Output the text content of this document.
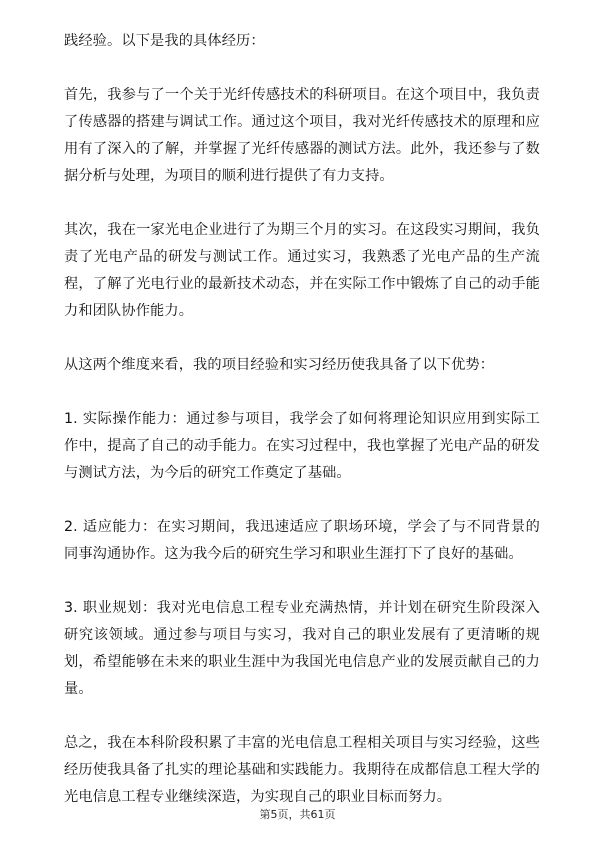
践经验。以下是我的具体经历：

首先，我参与了一个关于光纤传感技术的科研项目。在这个项目中，我负责了传感器的搭建与调试工作。通过这个项目，我对光纤传感技术的原理和应用有了深入的了解，并掌握了光纤传感器的测试方法。此外，我还参与了数据分析与处理，为项目的顺利进行提供了有力支持。

其次，我在一家光电企业进行了为期三个月的实习。在这段实习期间，我负责了光电产品的研发与测试工作。通过实习，我熟悉了光电产品的生产流程，了解了光电行业的最新技术动态，并在实际工作中锻炼了自己的动手能力和团队协作能力。

从这两个维度来看，我的项目经验和实习经历使我具备了以下优势：

1. 实际操作能力：通过参与项目，我学会了如何将理论知识应用到实际工作中，提高了自己的动手能力。在实习过程中，我也掌握了光电产品的研发与测试方法，为今后的研究工作奠定了基础。

2. 适应能力：在实习期间，我迅速适应了职场环境，学会了与不同背景的同事沟通协作。这为我今后的研究生学习和职业生涯打下了良好的基础。

3. 职业规划：我对光电信息工程专业充满热情，并计划在研究生阶段深入研究该领域。通过参与项目与实习，我对自己的职业发展有了更清晰的规划，希望能够在未来的职业生涯中为我国光电信息产业的发展贡献自己的力量。

总之，我在本科阶段积累了丰富的光电信息工程相关项目与实习经验，这些经历使我具备了扎实的理论基础和实践能力。我期待在成都信息工程大学的光电信息工程专业继续深造，为实现自己的职业目标而努力。

第5页，共61页
